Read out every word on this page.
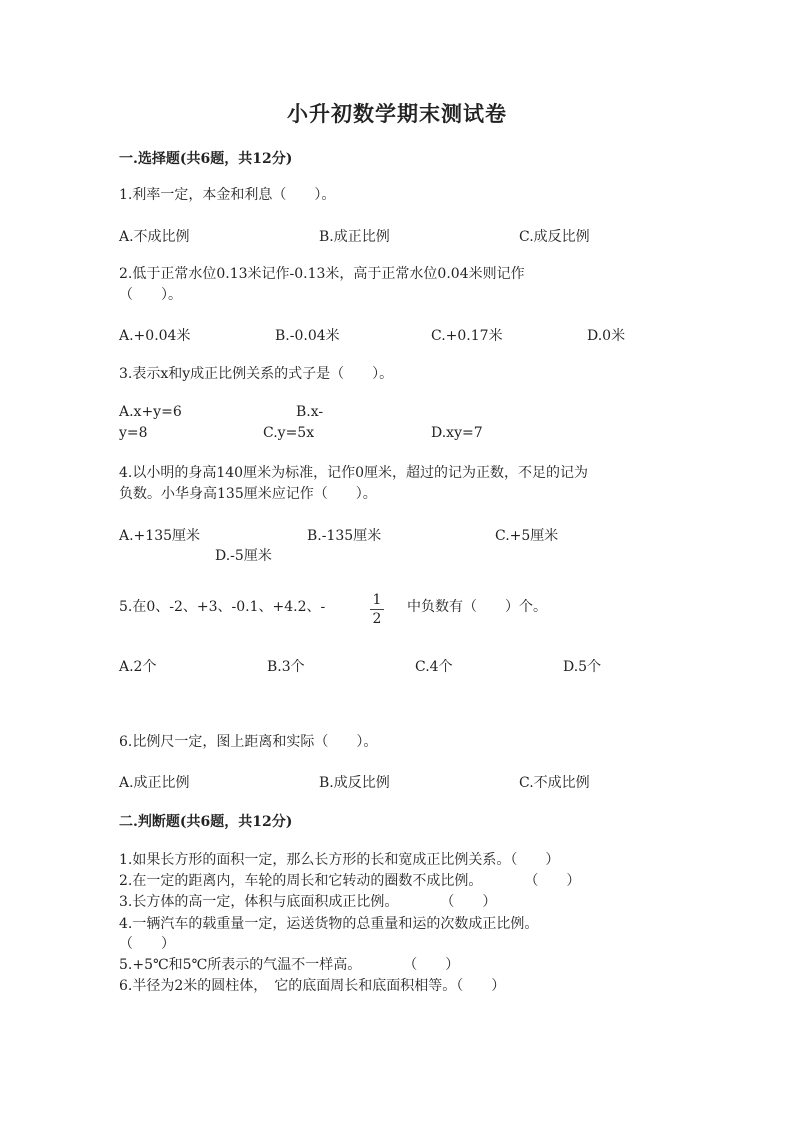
小升初数学期末测试卷
一.选择题(共6题，共12分)
1.利率一定，本金和利息（　　）。
A.不成比例	B.成正比例	C.成反比例
2.低于正常水位0.13米记作-0.13米，高于正常水位0.04米则记作
（　　）。
A.+0.04米	B.-0.04米	C.+0.17米	D.0米
3.表示x和y成正比例关系的式子是（　　）。
A.x+y=6	B.x-
y=8	C.y=5x	D.xy=7
4.以小明的身高140厘米为标准，记作0厘米，超过的记为正数，不足的记为
负数。小华身高135厘米应记作（　　）。
A.+135厘米	B.-135厘米	C.+5厘米
D.-5厘米
5.在0、-2、+3、-0.1、+4.2、-	1
2
中负数有（　　）个。
A.2个	B.3个	C.4个	D.5个
6.比例尺一定，图上距离和实际（　　）。
A.成正比例	B.成反比例	C.不成比例
二.判断题(共6题，共12分)
1.如果长方形的面积一定，那么长方形的长和宽成正比例关系。（　　）
2.在一定的距离内，车轮的周长和它转动的圈数不成比例。　　　　（　　）
3.长方体的高一定，体积与底面积成正比例。　　　　（　　）
4.一辆汽车的载重量一定，运送货物的总重量和运的次数成正比例。
（　　）
5.+5℃和5℃所表示的气温不一样高。　　　　（　　）
6.半径为2米的圆柱体，　它的底面周长和底面积相等。（　　）
